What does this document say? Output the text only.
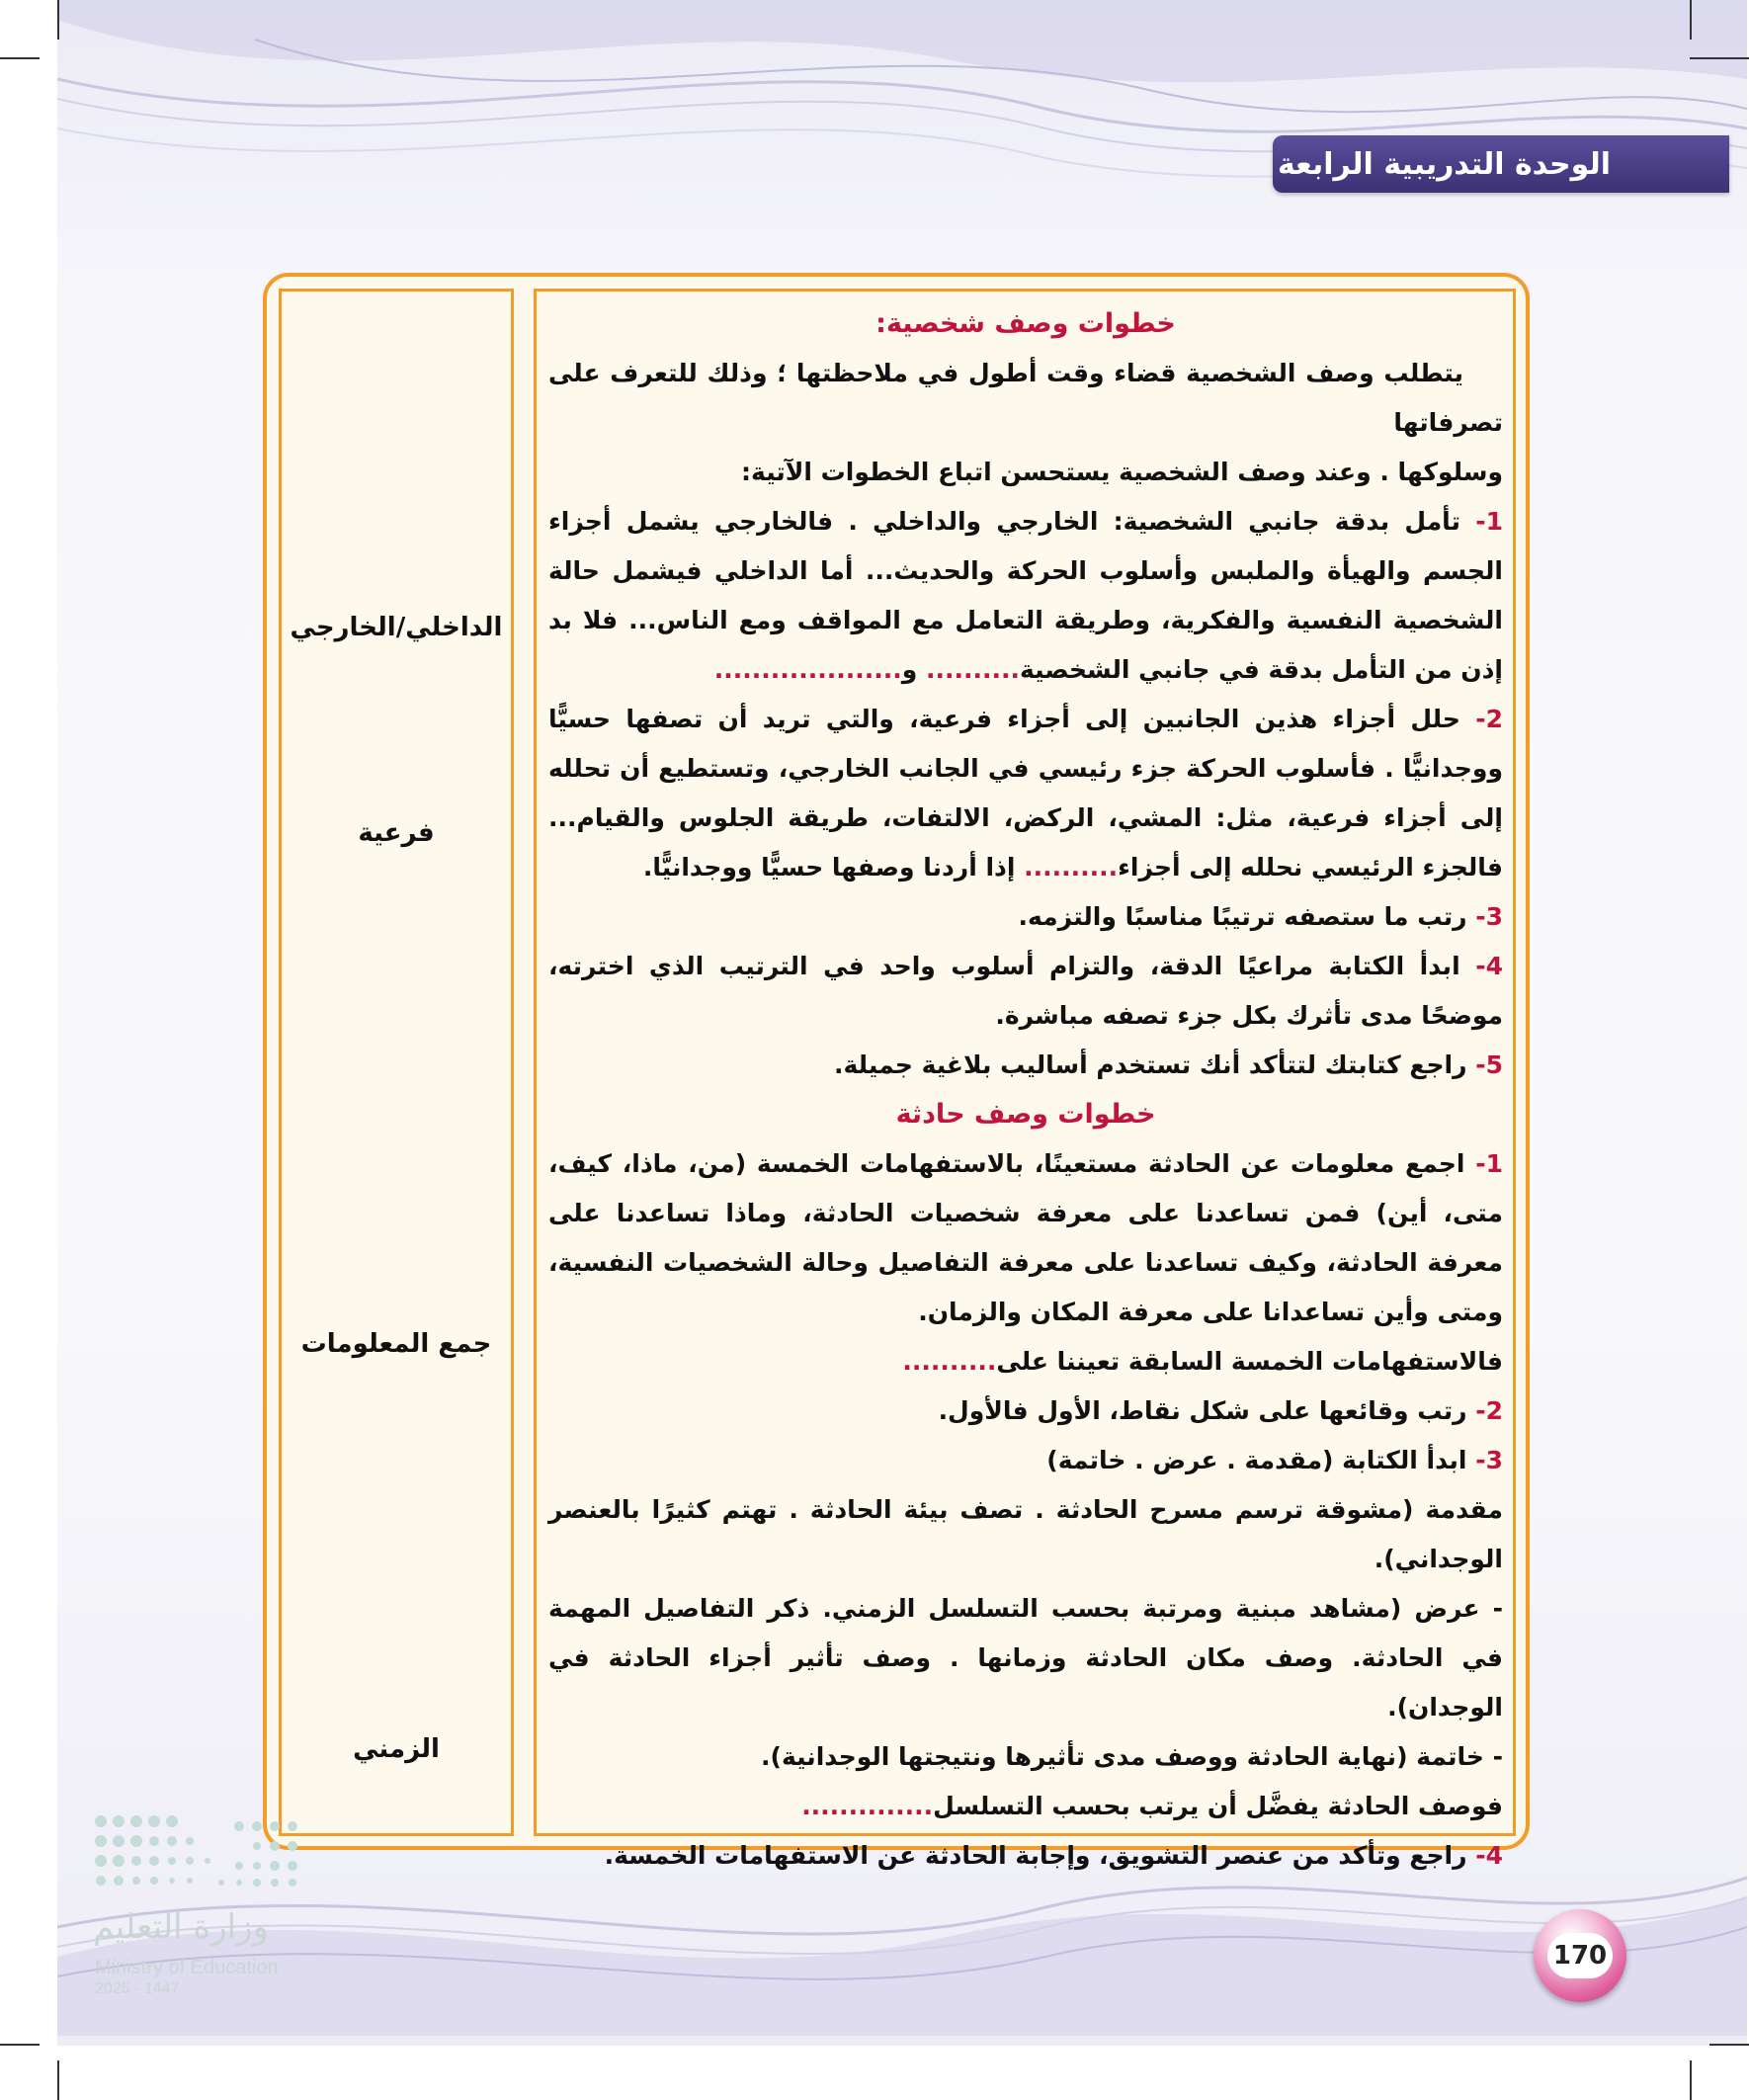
الوحدة التدريبية الرابعة

خطوات وصف شخصية:

يتطلب وصف الشخصية قضاء وقت أطول في ملاحظتها ؛ وذلك للتعرف على تصرفاتها

وسلوكها . وعند وصف الشخصية يستحسن اتباع الخطوات الآتية:

1- تأمل بدقة جانبي الشخصية: الخارجي والداخلي . فالخارجي يشمل أجزاء الجسم والهيأة والملبس وأسلوب الحركة والحديث... أما الداخلي فيشمل حالة الشخصية النفسية والفكرية، وطريقة التعامل مع المواقف ومع الناس... فلا بد إذن من التأمل بدقة في جانبي الشخصية.......... و....................

2- حلل أجزاء هذين الجانبين إلى أجزاء فرعية، والتي تريد أن تصفها حسيًّا ووجدانيًّا . فأسلوب الحركة جزء رئيسي في الجانب الخارجي، وتستطيع أن تحلله إلى أجزاء فرعية، مثل: المشي، الركض، الالتفات، طريقة الجلوس والقيام... فالجزء الرئيسي نحلله إلى أجزاء.......... إذا أردنا وصفها حسيًّا ووجدانيًّا.

3- رتب ما ستصفه ترتيبًا مناسبًا والتزمه.

4- ابدأ الكتابة مراعيًا الدقة، والتزام أسلوب واحد في الترتيب الذي اخترته، موضحًا مدى تأثرك بكل جزء تصفه مباشرة.

5- راجع كتابتك لتتأكد أنك تستخدم أساليب بلاغية جميلة.

خطوات وصف حادثة

1- اجمع معلومات عن الحادثة مستعينًا، بالاستفهامات الخمسة (من، ماذا، كيف، متى، أين) فمن تساعدنا على معرفة شخصيات الحادثة، وماذا تساعدنا على معرفة الحادثة، وكيف تساعدنا على معرفة التفاصيل وحالة الشخصيات النفسية، ومتى وأين تساعدانا على معرفة المكان والزمان.

فالاستفهامات الخمسة السابقة تعيننا على..........

2- رتب وقائعها على شكل نقاط، الأول فالأول.

3- ابدأ الكتابة (مقدمة . عرض . خاتمة)

مقدمة (مشوقة ترسم مسرح الحادثة . تصف بيئة الحادثة . تهتم كثيرًا بالعنصر الوجداني).

- عرض (مشاهد مبنية ومرتبة بحسب التسلسل الزمني. ذكر التفاصيل المهمة في الحادثة. وصف مكان الحادثة وزمانها . وصف تأثير أجزاء الحادثة في الوجدان).

- خاتمة (نهاية الحادثة ووصف مدى تأثيرها ونتيجتها الوجدانية).

فوصف الحادثة يفضَّل أن يرتب بحسب التسلسل..............

4- راجع وتأكد من عنصر التشويق، وإجابة الحادثة عن الاستفهامات الخمسة.

الداخلي/الخارجي
فرعية
جمع المعلومات
الزمني
وزارة التعليم
Ministry of Education
2025 - 1447
170
